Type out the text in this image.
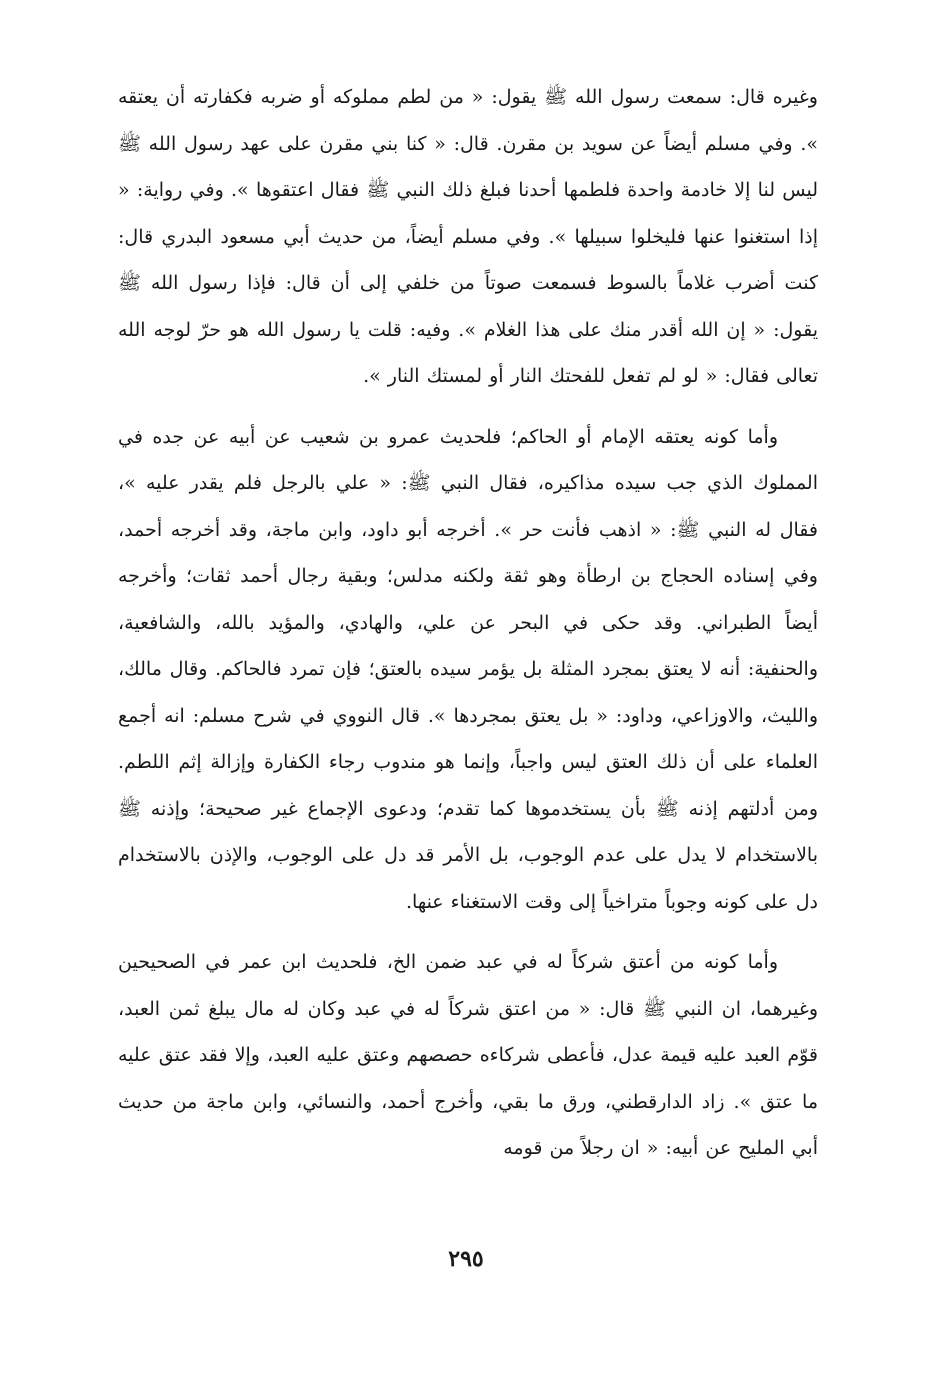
وغيره قال: سمعت رسول الله ﷺ يقول: « من لطم مملوكه أو ضربه فكفارته أن يعتقه ». وفي مسلم أيضاً عن سويد بن مقرن. قال: « كنا بني مقرن على عهد رسول الله ﷺ ليس لنا إلا خادمة واحدة فلطمها أحدنا فبلغ ذلك النبي ﷺ فقال اعتقوها ». وفي رواية: « إذا استغنوا عنها فليخلوا سبيلها ». وفي مسلم أيضاً، من حديث أبي مسعود البدري قال: كنت أضرب غلاماً بالسوط فسمعت صوتاً من خلفي إلى أن قال: فإذا رسول الله ﷺ يقول: « إن الله أقدر منك على هذا الغلام ». وفيه: قلت يا رسول الله هو حرّ لوجه الله تعالى فقال: « لو لم تفعل للفحتك النار أو لمستك النار ».

وأما كونه يعتقه الإمام أو الحاكم؛ فلحديث عمرو بن شعيب عن أبيه عن جده في المملوك الذي جب سيده مذاكيره، فقال النبي ﷺ: « علي بالرجل فلم يقدر عليه »، فقال له النبي ﷺ: « اذهب فأنت حر ». أخرجه أبو داود، وابن ماجة، وقد أخرجه أحمد، وفي إسناده الحجاج بن ارطأة وهو ثقة ولكنه مدلس؛ وبقية رجال أحمد ثقات؛ وأخرجه أيضاً الطبراني. وقد حكى في البحر عن علي، والهادي، والمؤيد بالله، والشافعية، والحنفية: أنه لا يعتق بمجرد المثلة بل يؤمر سيده بالعتق؛ فإن تمرد فالحاكم. وقال مالك، والليث، والاوزاعي، وداود: « بل يعتق بمجردها ». قال النووي في شرح مسلم: انه أجمع العلماء على أن ذلك العتق ليس واجباً، وإنما هو مندوب رجاء الكفارة وإزالة إثم اللطم. ومن أدلتهم إذنه ﷺ بأن يستخدموها كما تقدم؛ ودعوى الإجماع غير صحيحة؛ وإذنه ﷺ بالاستخدام لا يدل على عدم الوجوب، بل الأمر قد دل على الوجوب، والإذن بالاستخدام دل على كونه وجوباً متراخياً إلى وقت الاستغناء عنها.

وأما كونه من أعتق شركاً له في عبد ضمن الخ، فلحديث ابن عمر في الصحيحين وغيرهما، ان النبي ﷺ قال: « من اعتق شركاً له في عبد وكان له مال يبلغ ثمن العبد، قوّم العبد عليه قيمة عدل، فأعطى شركاءه حصصهم وعتق عليه العبد، وإلا فقد عتق عليه ما عتق ». زاد الدارقطني، ورق ما بقي، وأخرج أحمد، والنسائي، وابن ماجة من حديث أبي المليح عن أبيه: « ان رجلاً من قومه

٢٩٥
